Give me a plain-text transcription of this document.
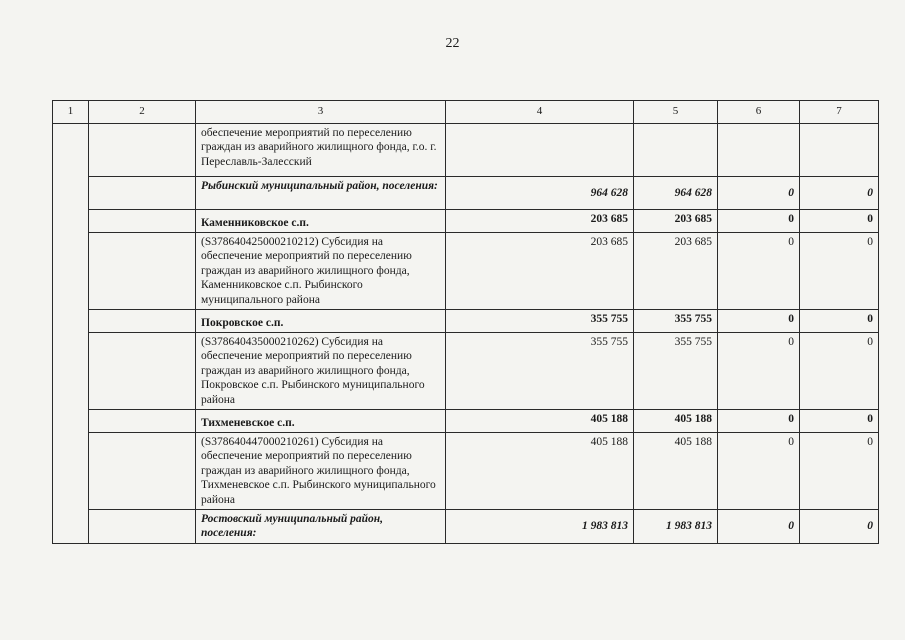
22
1	2	3	4	5	6	7
		обеспечение мероприятий по переселению граждан из аварийного жилищного фонда, г.о. г. Переславль-Залесский				
		Рыбинский муниципальный район, поселения:	964 628	964 628	0	0
		Каменниковское с.п.	203 685	203 685	0	0
		(S378640425000210212) Субсидия на обеспечение мероприятий по переселению граждан из аварийного жилищного фонда, Каменниковское с.п. Рыбинского муниципального района	203 685	203 685	0	0
		Покровское с.п.	355 755	355 755	0	0
		(S378640435000210262) Субсидия на обеспечение мероприятий по переселению граждан из аварийного жилищного фонда, Покровское с.п. Рыбинского муниципального района	355 755	355 755	0	0
		Тихменевское с.п.	405 188	405 188	0	0
		(S378640447000210261) Субсидия на обеспечение мероприятий по переселению граждан из аварийного жилищного фонда, Тихменевское с.п. Рыбинского муниципального района	405 188	405 188	0	0
		Ростовский муниципальный район, поселения:	1 983 813	1 983 813	0	0
